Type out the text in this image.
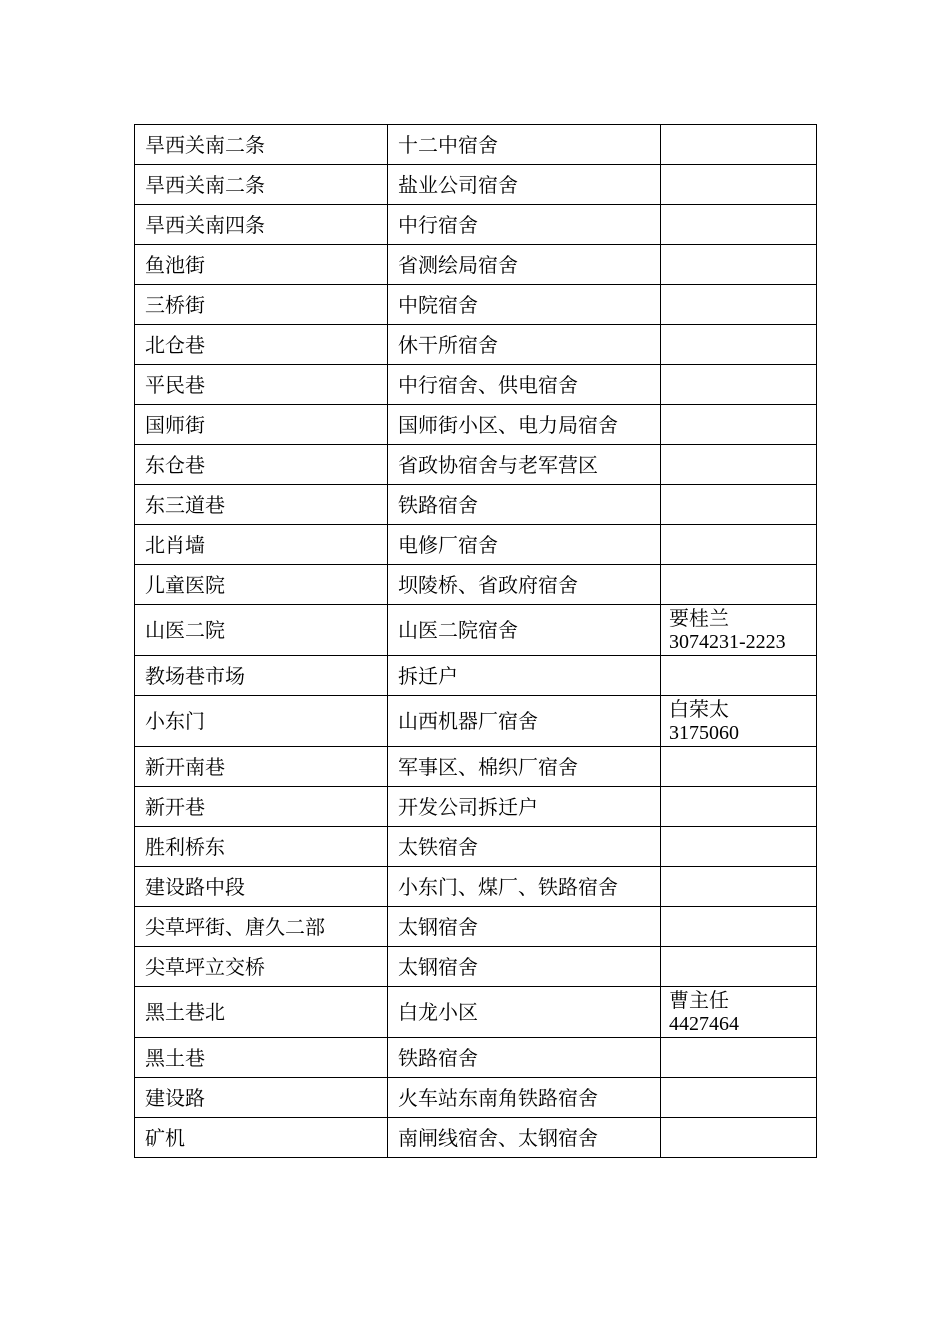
旱西关南二条	十二中宿舍	
旱西关南二条	盐业公司宿舍	
旱西关南四条	中行宿舍	
鱼池街	省测绘局宿舍	
三桥街	中院宿舍	
北仓巷	休干所宿舍	
平民巷	中行宿舍、供电宿舍	
国师街	国师街小区、电力局宿舍	
东仓巷	省政协宿舍与老军营区	
东三道巷	铁路宿舍	
北肖墙	电修厂宿舍	
儿童医院	坝陵桥、省政府宿舍	
山医二院	山医二院宿舍	要桂兰
3074231-2223

教场巷市场	拆迁户	
小东门	山西机器厂宿舍	白荣太
3175060

新开南巷	军事区、棉织厂宿舍	
新开巷	开发公司拆迁户	
胜利桥东	太铁宿舍	
建设路中段	小东门、煤厂、铁路宿舍	
尖草坪街、唐久二部	太钢宿舍	
尖草坪立交桥	太钢宿舍	
黑土巷北	白龙小区	曹主任
4427464

黑土巷	铁路宿舍	
建设路	火车站东南角铁路宿舍	
矿机	南闸线宿舍、太钢宿舍	
